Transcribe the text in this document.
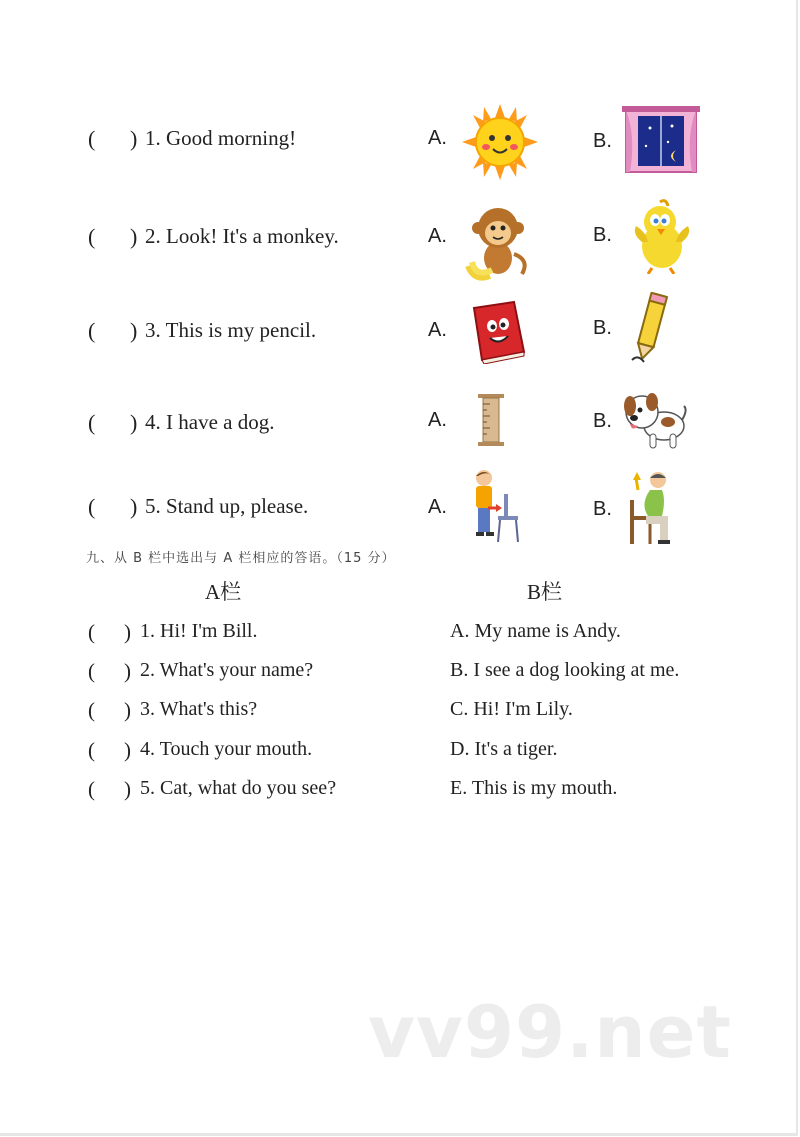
( ) 1. Good morning!	A.	B.
( ) 2. Look! It's a monkey.	A.	B.
( ) 3. This is my pencil.	A.	B.
( ) 4. I have a dog.	A.	B.
( ) 5. Stand up, please.	A.	B.
九、从 B 栏中选出与 A 栏相应的答语。（15 分）
A栏	B栏
( ) 1. Hi! I'm Bill.	A. My name is Andy.
( ) 2. What's your name?	B. I see a dog looking at me.
( ) 3. What's this?	C. Hi! I'm Lily.
( ) 4. Touch your mouth.	D. It's a tiger.
( ) 5. Cat, what do you see?	E. This is my mouth.
vv99.net
